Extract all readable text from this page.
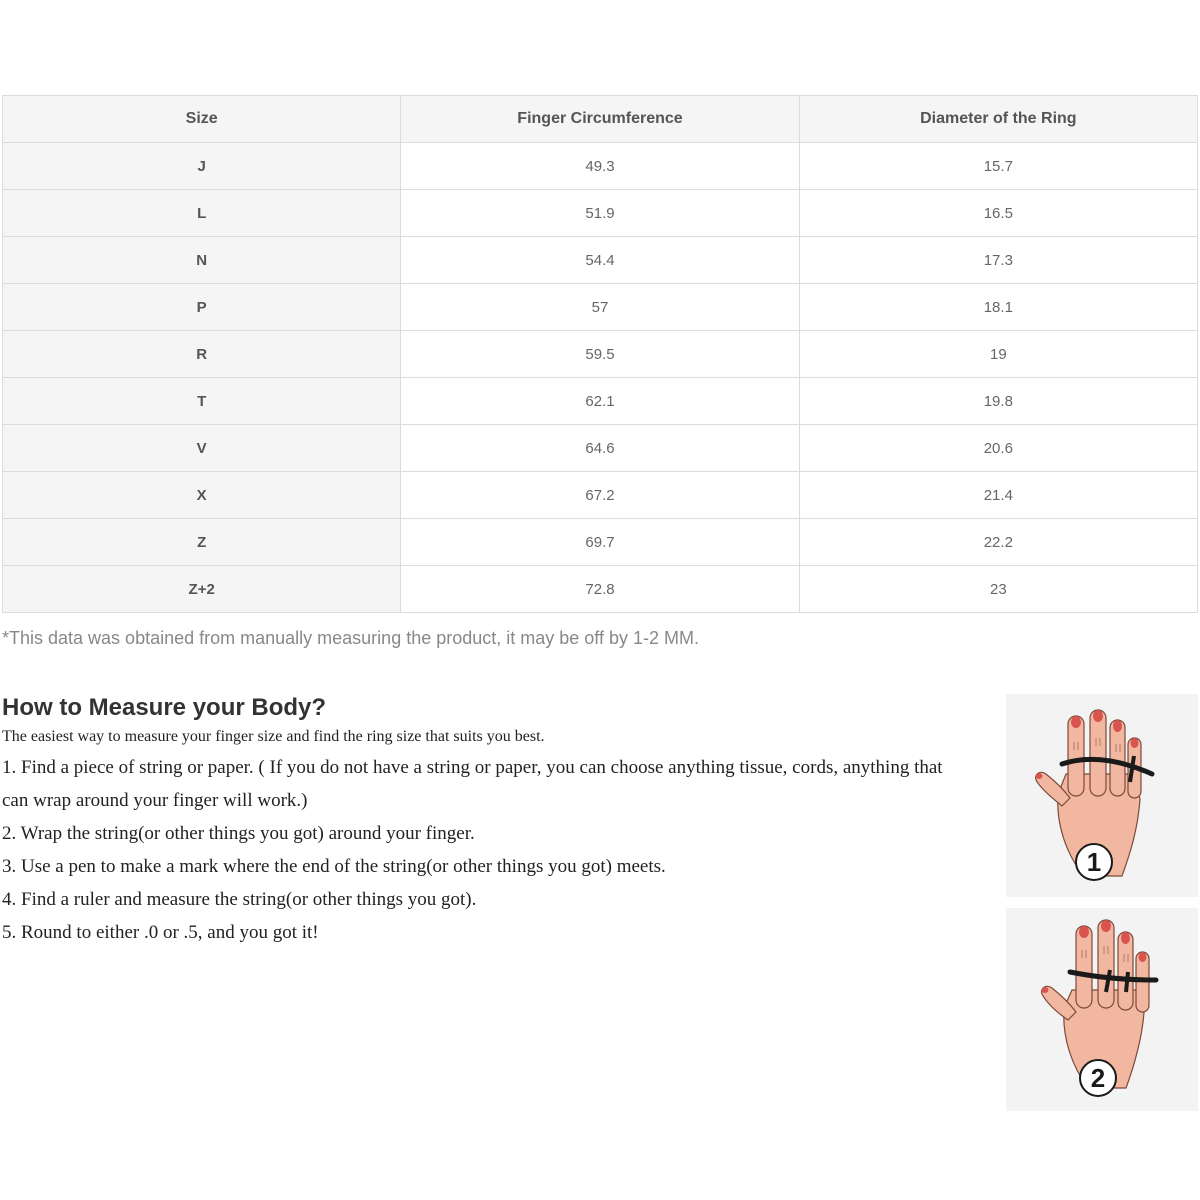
Size	Finger Circumference	Diameter of the Ring
J	49.3	15.7
L	51.9	16.5
N	54.4	17.3
P	57	18.1
R	59.5	19
T	62.1	19.8
V	64.6	20.6
X	67.2	21.4
Z	69.7	22.2
Z+2	72.8	23
*This data was obtained from manually measuring the product, it may be off by 1-2 MM.
How to Measure your Body?
The easiest way to measure your finger size and find the ring size that suits you best.

1. Find a piece of string or paper. ( If you do not have a string or paper, you can choose anything tissue, cords, anything that can wrap around your finger will work.)

2. Wrap the string(or other things you got) around your finger.

3. Use a pen to make a mark where the end of the string(or other things you got) meets.

4. Find a ruler and measure the string(or other things you got).

5. Round to either .0 or .5, and you got it!

1
2
